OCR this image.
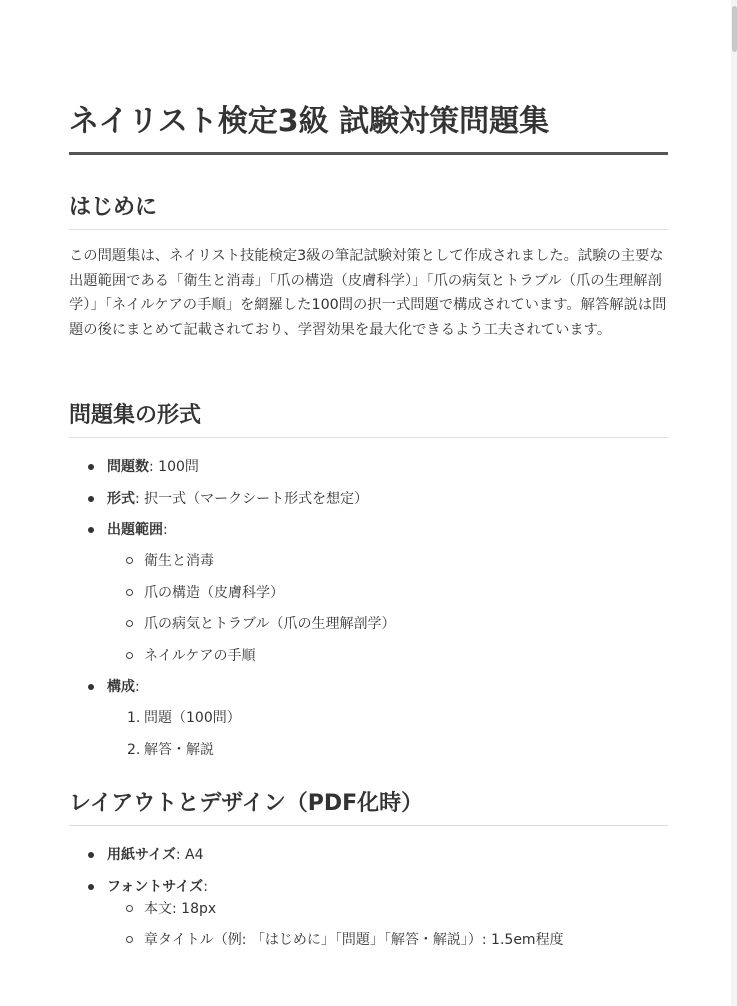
ネイリスト検定3級 試験対策問題集
はじめに

この問題集は、ネイリスト技能検定3級の筆記試験対策として作成されました。試験の主要な出題範囲である「衛生と消毒」「爪の構造（皮膚科学）」「爪の病気とトラブル（爪の生理解剖学）」「ネイルケアの手順」を網羅した100問の択一式問題で構成されています。解答解説は問題の後にまとめて記載されており、学習効果を最大化できるよう工夫されています。

問題集の形式
問題数: 100問
形式: 択一式（マークシート形式を想定）
出題範囲:
衛生と消毒
爪の構造（皮膚科学）
爪の病気とトラブル（爪の生理解剖学）
ネイルケアの手順
構成:
1. 問題（100問）
2. 解答・解説
レイアウトとデザイン（PDF化時）
用紙サイズ: A4
フォントサイズ:
本文: 18px
章タイトル（例: 「はじめに」「問題」「解答・解説」）: 1.5em程度
